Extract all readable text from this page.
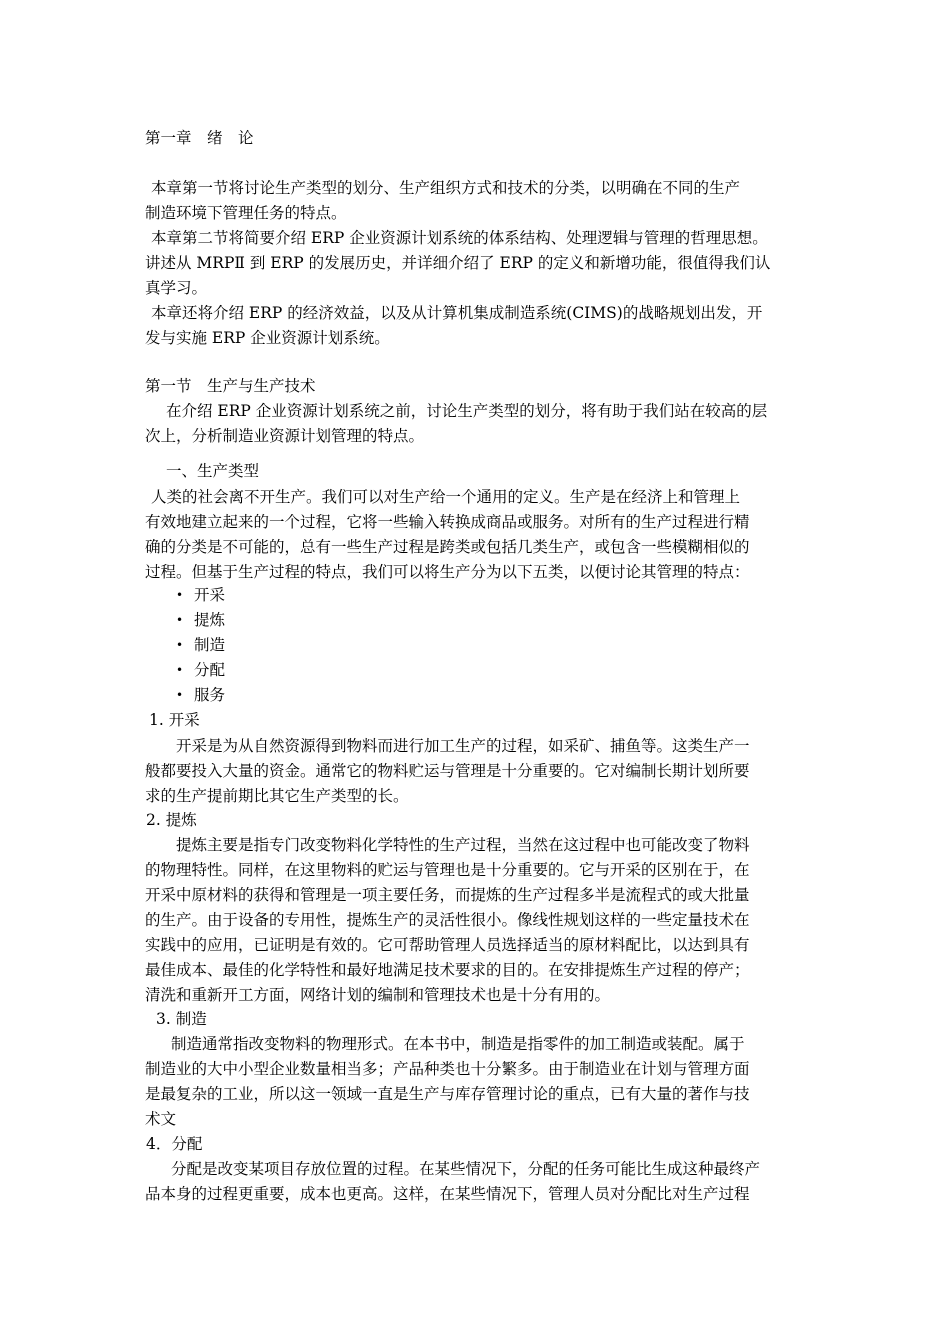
第一章　绪　论
本章第一节将讨论生产类型的划分、生产组织方式和技术的分类，以明确在不同的生产
制造环境下管理任务的特点。
本章第二节将简要介绍 ERP 企业资源计划系统的体系结构、处理逻辑与管理的哲理思想。
讲述从 MRPⅡ 到 ERP 的发展历史，并详细介绍了 ERP 的定义和新增功能，很值得我们认
真学习。
本章还将介绍 ERP 的经济效益，以及从计算机集成制造系统(CIMS)的战略规划出发，开
发与实施 ERP 企业资源计划系统。
第一节　生产与生产技术
在介绍 ERP 企业资源计划系统之前，讨论生产类型的划分，将有助于我们站在较高的层
次上，分析制造业资源计划管理的特点。
一、生产类型
人类的社会离不开生产。我们可以对生产给一个通用的定义。生产是在经济上和管理上
有效地建立起来的一个过程，它将一些输入转换成商品或服务。对所有的生产过程进行精
确的分类是不可能的，总有一些生产过程是跨类或包括几类生产，或包含一些模糊相似的
过程。但基于生产过程的特点，我们可以将生产分为以下五类，以便讨论其管理的特点：
• 开采
• 提炼
• 制造
• 分配
• 服务
1. 开采
开采是为从自然资源得到物料而进行加工生产的过程，如采矿、捕鱼等。这类生产一
般都要投入大量的资金。通常它的物料贮运与管理是十分重要的。它对编制长期计划所要
求的生产提前期比其它生产类型的长。
2. 提炼
提炼主要是指专门改变物料化学特性的生产过程，当然在这过程中也可能改变了物料
的物理特性。同样，在这里物料的贮运与管理也是十分重要的。它与开采的区别在于，在
开采中原材料的获得和管理是一项主要任务，而提炼的生产过程多半是流程式的或大批量
的生产。由于设备的专用性，提炼生产的灵活性很小。像线性规划这样的一些定量技术在
实践中的应用，已证明是有效的。它可帮助管理人员选择适当的原材料配比，以达到具有
最佳成本、最佳的化学特性和最好地满足技术要求的目的。在安排提炼生产过程的停产；
清洗和重新开工方面，网络计划的编制和管理技术也是十分有用的。
3. 制造
制造通常指改变物料的物理形式。在本书中，制造是指零件的加工制造或装配。属于
制造业的大中小型企业数量相当多；产品种类也十分繁多。由于制造业在计划与管理方面
是最复杂的工业，所以这一领域一直是生产与库存管理讨论的重点，已有大量的著作与技
术文
4．分配
分配是改变某项目存放位置的过程。在某些情况下，分配的任务可能比生成这种最终产
品本身的过程更重要，成本也更高。这样，在某些情况下，管理人员对分配比对生产过程
